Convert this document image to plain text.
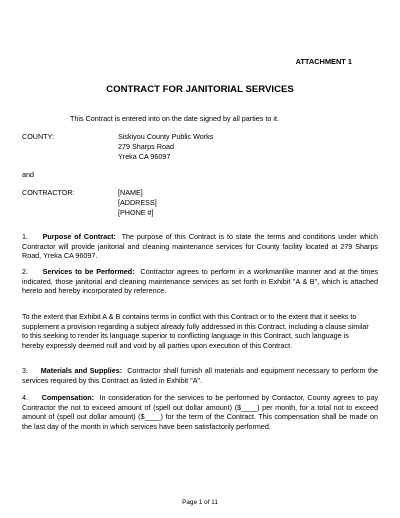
ATTACHMENT 1

CONTRACT FOR JANITORIAL SERVICES

This Contract is entered into on the date signed by all parties to it.

COUNTY:	Siskiyou County Public Works

279 Sharps Road

Yreka CA 96097

and

CONTRACTOR:	[NAME]

[ADDRESS]

[PHONE #]

1. Purpose of Contract: The purpose of this Contract is to state the terms and conditions under which Contractor will provide janitorial and cleaning maintenance services for County facility located at 279 Sharps Road, Yreka CA 96097.

2. Services to be Performed: Contractor agrees to perform in a workmanlike manner and at the times indicated, those janitorial and cleaning maintenance services as set forth in Exhibit "A & B", which is attached hereto and hereby incorporated by reference.

To the extent that Exhibit A & B contains terms in conflict with this Contract or to the extent that it seeks to supplement a provision regarding a subject already fully addressed in this Contract, including a clause similar to this seeking to render its language superior to conflicting language in this Contract, such language is hereby expressly deemed null and void by all parties upon execution of this Contract.

3. Materials and Supplies: Contractor shall furnish all materials and equipment necessary to perform the services required by this Contract as listed in Exhibit "A".

4. Compensation: In consideration for the services to be performed by Contactor, County agrees to pay Contractor the not to exceed amount of (spell out dollar amount) ($____) per month, for a total not to exceed amount of (spell out dollar amount) ($____) for the term of the Contract. This compensation shall be made on the last day of the month in which services have been satisfactorily performed.

Page 1 of 11
